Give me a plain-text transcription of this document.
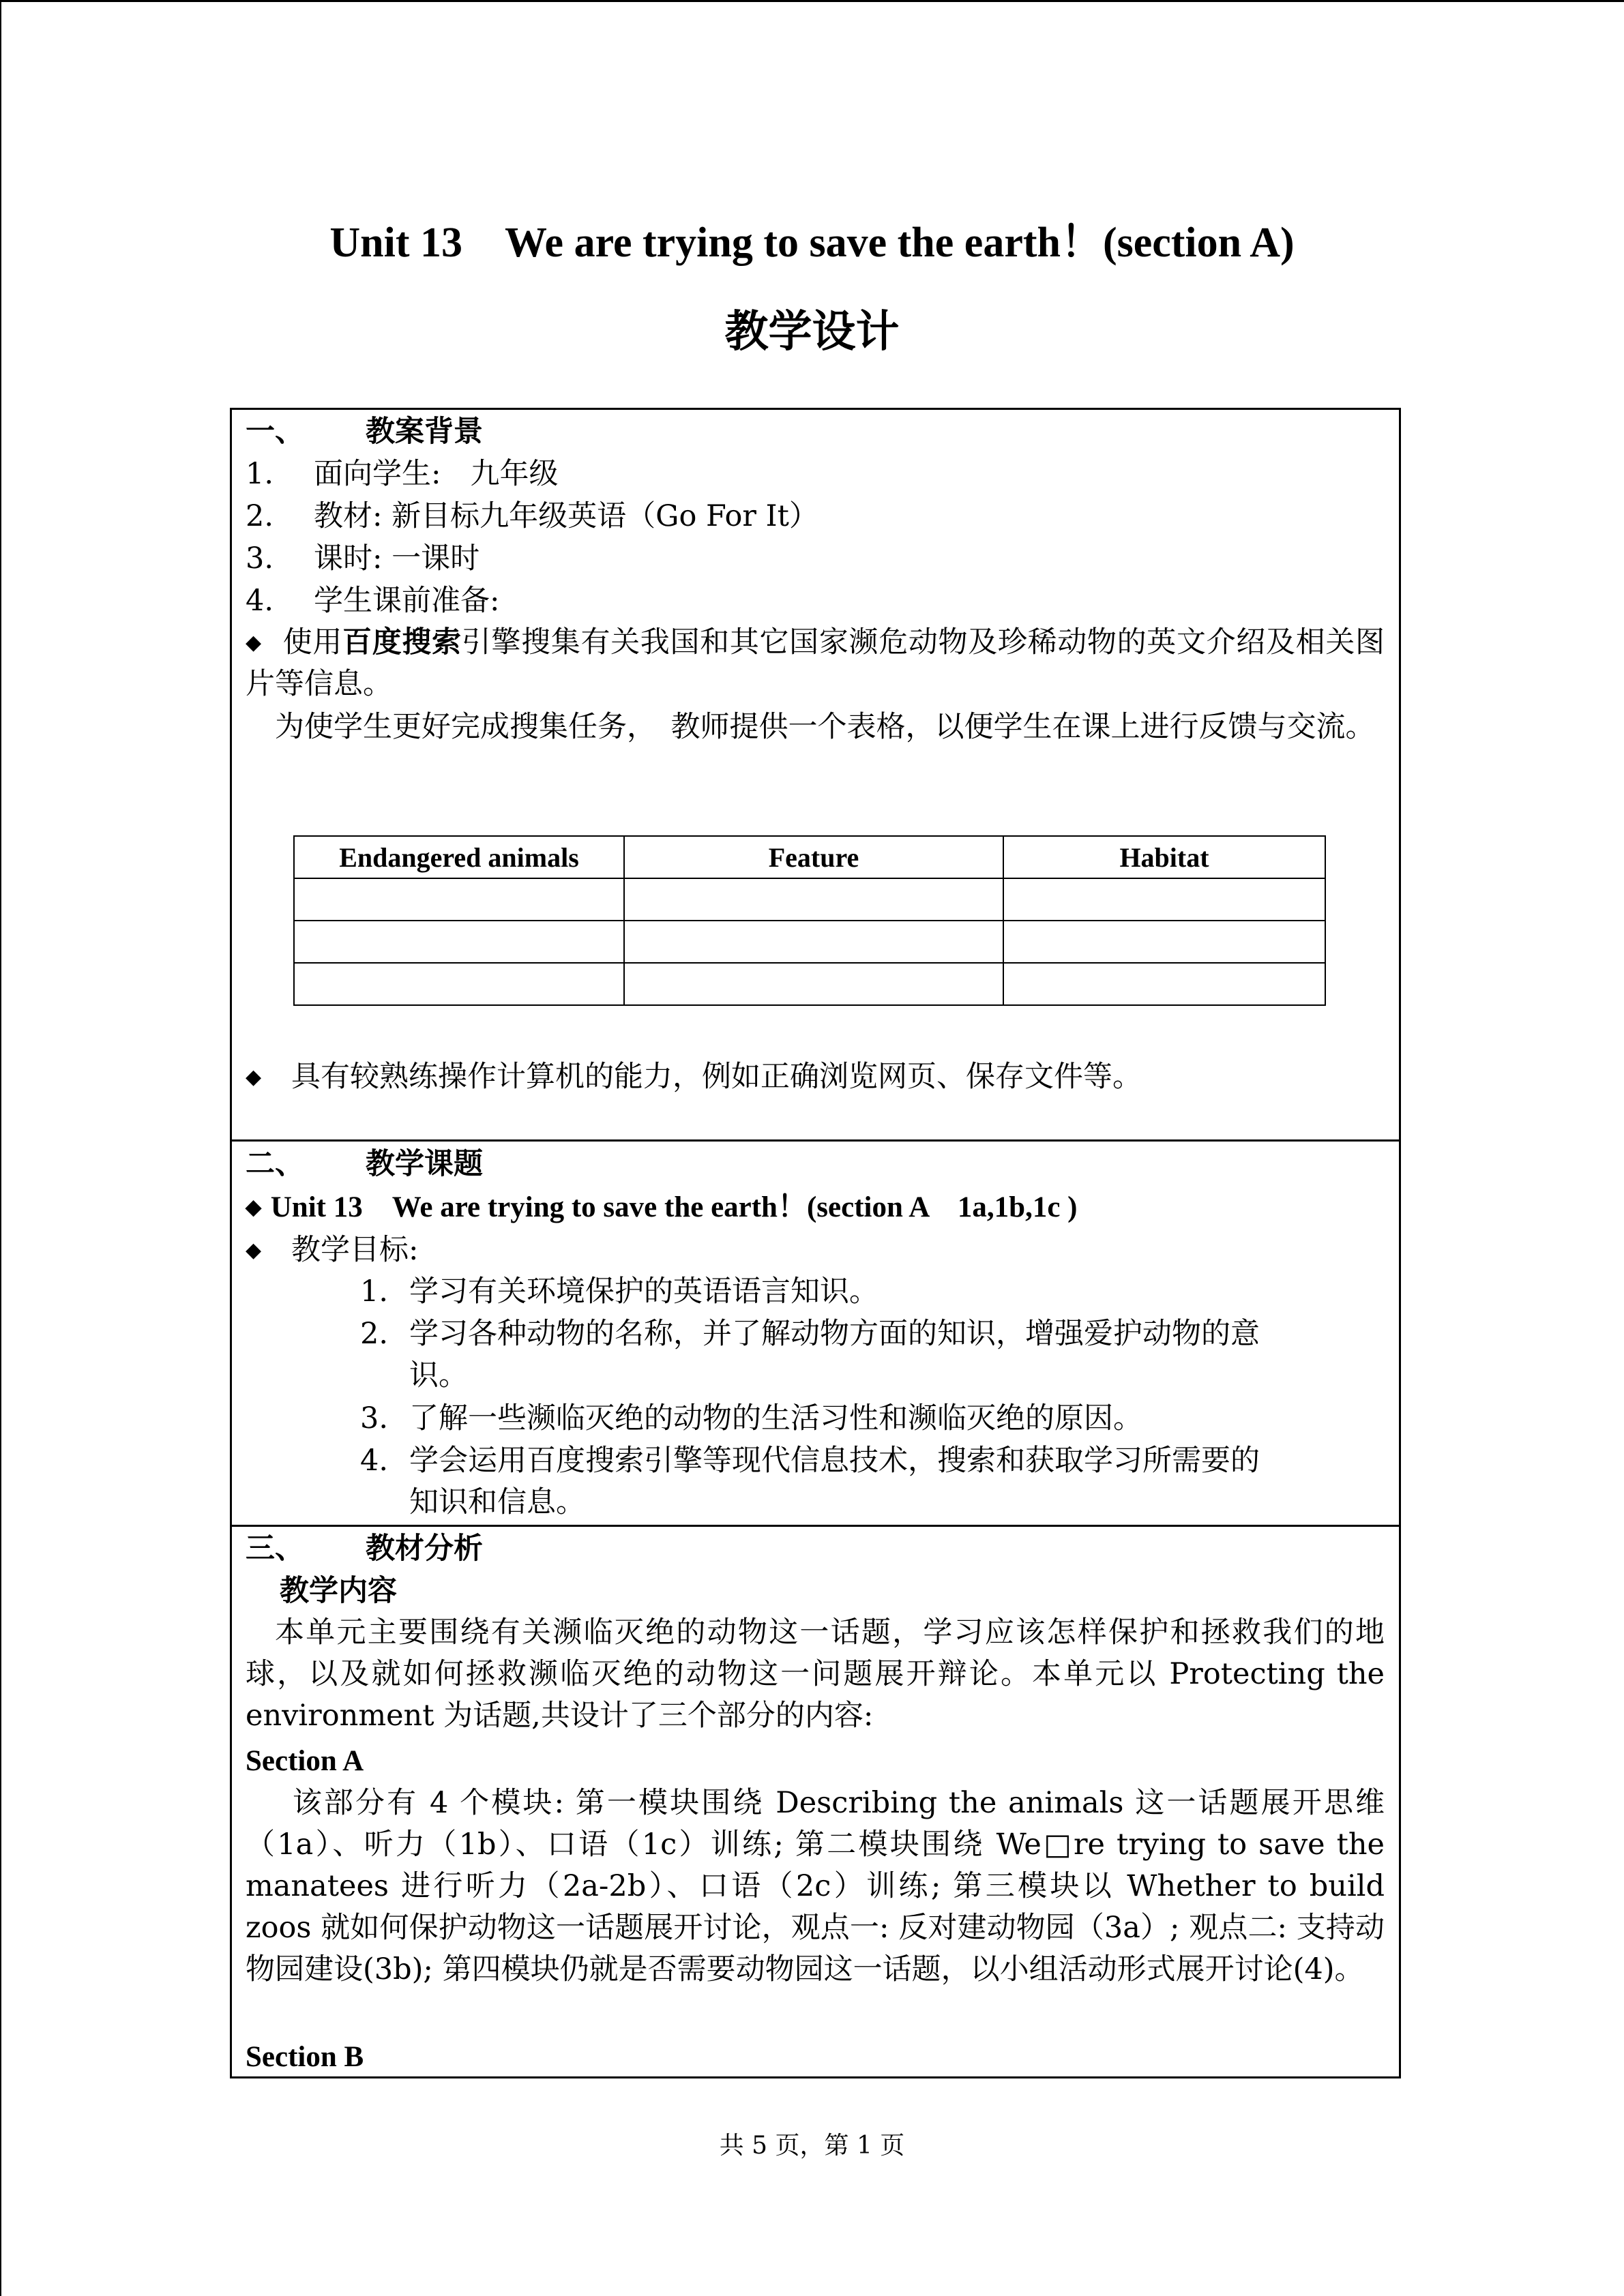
Unit 13　We are trying to save the earth！(section A)
教学设计
一、 教案背景
1. 面向学生:　九年级
2. 教材: 新目标九年级英语（Go For It）
3. 课时: 一课时
4. 学生课前准备:
◆ 使用百度搜索引擎搜集有关我国和其它国家濒危动物及珍稀动物的英文介绍及相关图片等信息。
为使学生更好完成搜集任务，　教师提供一个表格，以便学生在课上进行反馈与交流。
Endangered animals	Feature	Habitat

◆ 具有较熟练操作计算机的能力，例如正确浏览网页、保存文件等。
二、 教学课题
◆ Unit 13　We are trying to save the earth！(section A　1a,1b,1c )
◆ 教学目标:
1. 学习有关环境保护的英语语言知识。
2. 学习各种动物的名称，并了解动物方面的知识，增强爱护动物的意
识。
3. 了解一些濒临灭绝的动物的生活习性和濒临灭绝的原因。
4. 学会运用百度搜索引擎等现代信息技术，搜索和获取学习所需要的
知识和信息。
三、 教材分析
教学内容
本单元主要围绕有关濒临灭绝的动物这一话题，学习应该怎样保护和拯救我们的地球，以及就如何拯救濒临灭绝的动物这一问题展开辩论。本单元以 Protecting the environment 为话题,共设计了三个部分的内容:
Section A
该部分有 4 个模块: 第一模块围绕 Describing the animals 这一话题展开思维（1a）、听力（1b）、口语（1c）训练; 第二模块围绕 We□re trying to save the manatees 进行听力（2a-2b）、口语（2c）训练; 第三模块以 Whether to build zoos 就如何保护动物这一话题展开讨论，观点一: 反对建动物园（3a）; 观点二: 支持动物园建设(3b); 第四模块仍就是否需要动物园这一话题，以小组活动形式展开讨论(4)。
Section B
共 5 页，第 1 页
